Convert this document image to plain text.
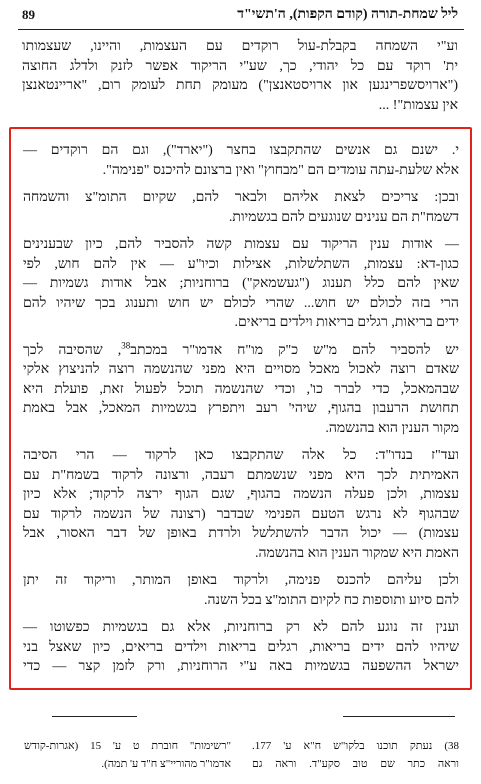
ליל שמחת-תורה (קודם הקפות), ה'תשי"ד
89
וע"י השמחה בקבלת-עול רוקדים עם העצמות, והיינו, שעצמותו
ית' רוקד עם כל יהודי, כך, שע"י הריקוד אפשר לזנק ולדלג החוצה
("ארויסשפרינגען און ארויסטאנצן") מעומק תחת לעומק רום, "אריינטאנצן
אין עצמות"! ...
י. ישנם גם אנשים שהתקבצו בחצר ("יארד"), וגם הם רוקדים —
אלא שלעת-עתה עומדים הם "מבחוץ" ואין ברצונם להיכנס "פנימה".
ובכן: צריכים לצאת אליהם ולבאר להם, שקיום התומ"צ והשמחה
דשמח"ת הם ענינים שנוגעים להם בגשמיות.
— אודות ענין הריקוד עם עצמות קשה להסביר להם, כיון שבענינים
כגון-דא: עצמות, השתלשלות, אצילות וכיו"ע — אין להם חוש, לפי
שאין להם כלל תענוג ("געשמאק") ברוחניות; אבל אודות גשמיות —
הרי בזה לכולם יש חוש... שהרי לכולם יש חוש ותענוג בכך שיהיו להם
ידים בריאות, רגלים בריאות וילדים בריאים.
יש להסביר להם מ"ש כ"ק מו"ח אדמו"ר במכתב$^{38}$, שהסיבה לכך
שאדם רוצה לאכול מאכל מסויים היא מפני שהנשמה רוצה להניצוץ אלקי
שבהמאכל, כדי לברר כו', וכדי שהנשמה תוכל לפעול זאת, פועלת היא
תחושת הרעבון בהגוף, שיהי' רעב ויתפרץ בגשמיות המאכל, אבל באמת
מקור הענין הוא בהנשמה.
ועד"ז בנדו"ד: כל אלה שהתקבצו כאן לרקוד — הרי הסיבה
האמיתית לכך היא מפני שנשמתם רעבה, ורצונה לרקוד בשמח"ת עם
עצמות, ולכן פעלה הנשמה בהגוף, שגם הגוף ירצה לרקוד; אלא כיון
שבהגוף לא נרגש הטעם הפנימי שבדבר (רצונה של הנשמה לרקוד עם
עצמות) — יכול הדבר להשתלשל ולרדת באופן של דבר האסור, אבל
האמת היא שמקור הענין הוא בהנשמה.
ולכן עליהם להכנס פנימה, ולרקוד באופן המותר, וריקוד זה יתן
להם סיוע ותוספות כח לקיום התומ"צ בכל השנה.
וענין זה נוגע להם לא רק ברוחניות, אלא גם בגשמיות כפשוטו —
שיהיו להם ידים בריאות, רגלים בריאות וילדים בריאים, כיון שאצל בני
ישראל ההשפעה בגשמיות באה ע"י הרוחניות, ורק לזמן קצר — כדי
38) נעתק תוכנו בלקו"ש ח"א ע' 177.
וראה כתר שם טוב סקע"ד. וראה גם
"רשימות" חוברת ט ע' 15 (אגרות-קודש
אדמו"ר מהוריי"צ ח"ד ע' תמה).
